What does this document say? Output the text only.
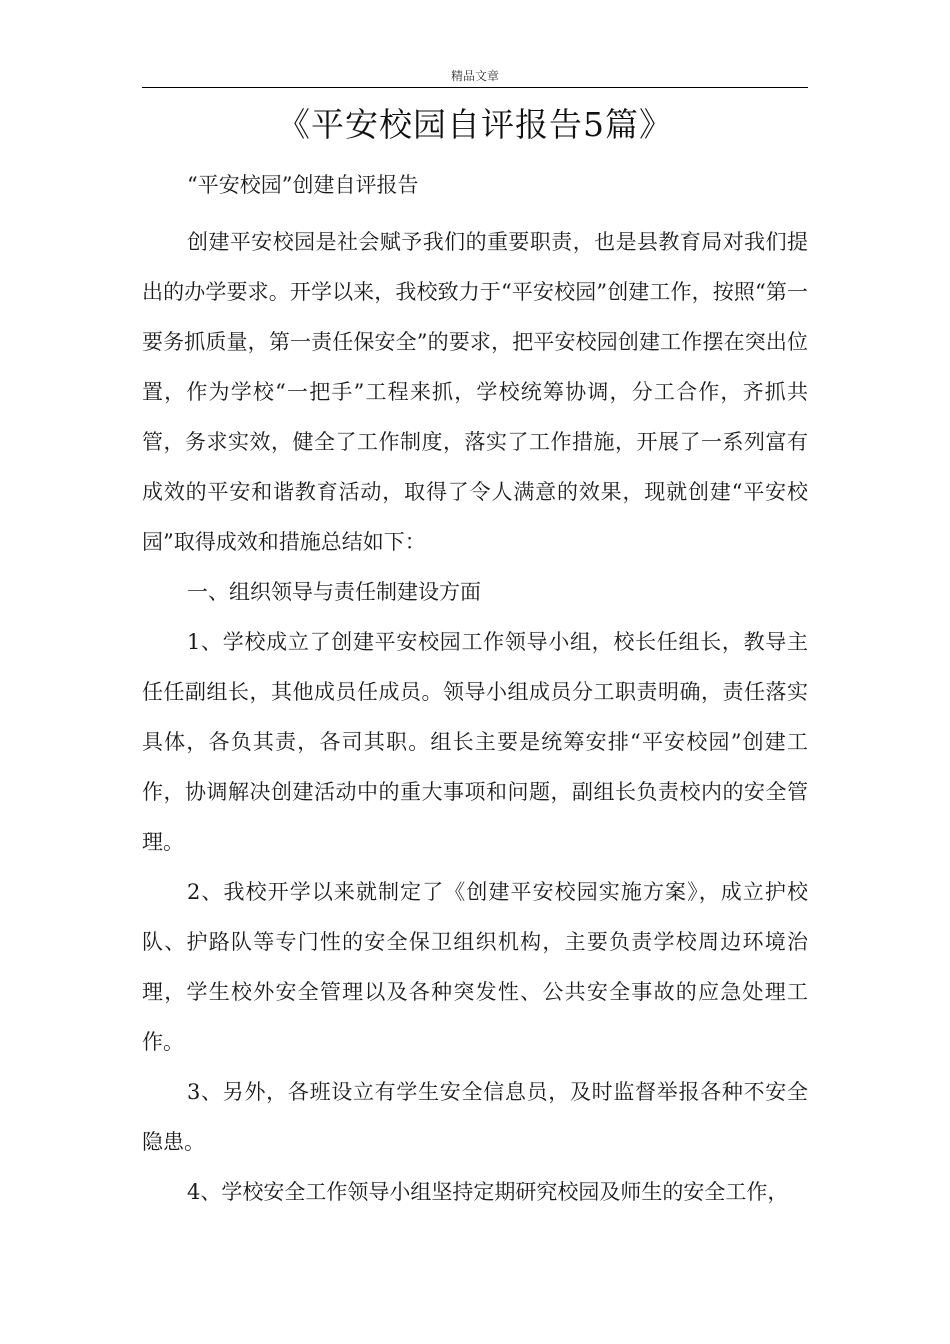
精品文章
《平安校园自评报告5篇》
“平安校园”创建自评报告

创建平安校园是社会赋予我们的重要职责，也是县教育局对我们提出的办学要求。开学以来，我校致力于“平安校园”创建工作，按照“第一要务抓质量，第一责任保安全”的要求，把平安校园创建工作摆在突出位置，作为学校“一把手”工程来抓，学校统筹协调，分工合作，齐抓共管，务求实效，健全了工作制度，落实了工作措施，开展了一系列富有成效的平安和谐教育活动，取得了令人满意的效果，现就创建“平安校园”取得成效和措施总结如下：

一、组织领导与责任制建设方面

1、学校成立了创建平安校园工作领导小组，校长任组长，教导主任任副组长，其他成员任成员。领导小组成员分工职责明确，责任落实具体，各负其责，各司其职。组长主要是统筹安排“平安校园”创建工作，协调解决创建活动中的重大事项和问题，副组长负责校内的安全管理。

2、我校开学以来就制定了《创建平安校园实施方案》，成立护校队、护路队等专门性的安全保卫组织机构，主要负责学校周边环境治理，学生校外安全管理以及各种突发性、公共安全事故的应急处理工作。

3、另外，各班设立有学生安全信息员，及时监督举报各种不安全隐患。

4、学校安全工作领导小组坚持定期研究校园及师生的安全工作，
